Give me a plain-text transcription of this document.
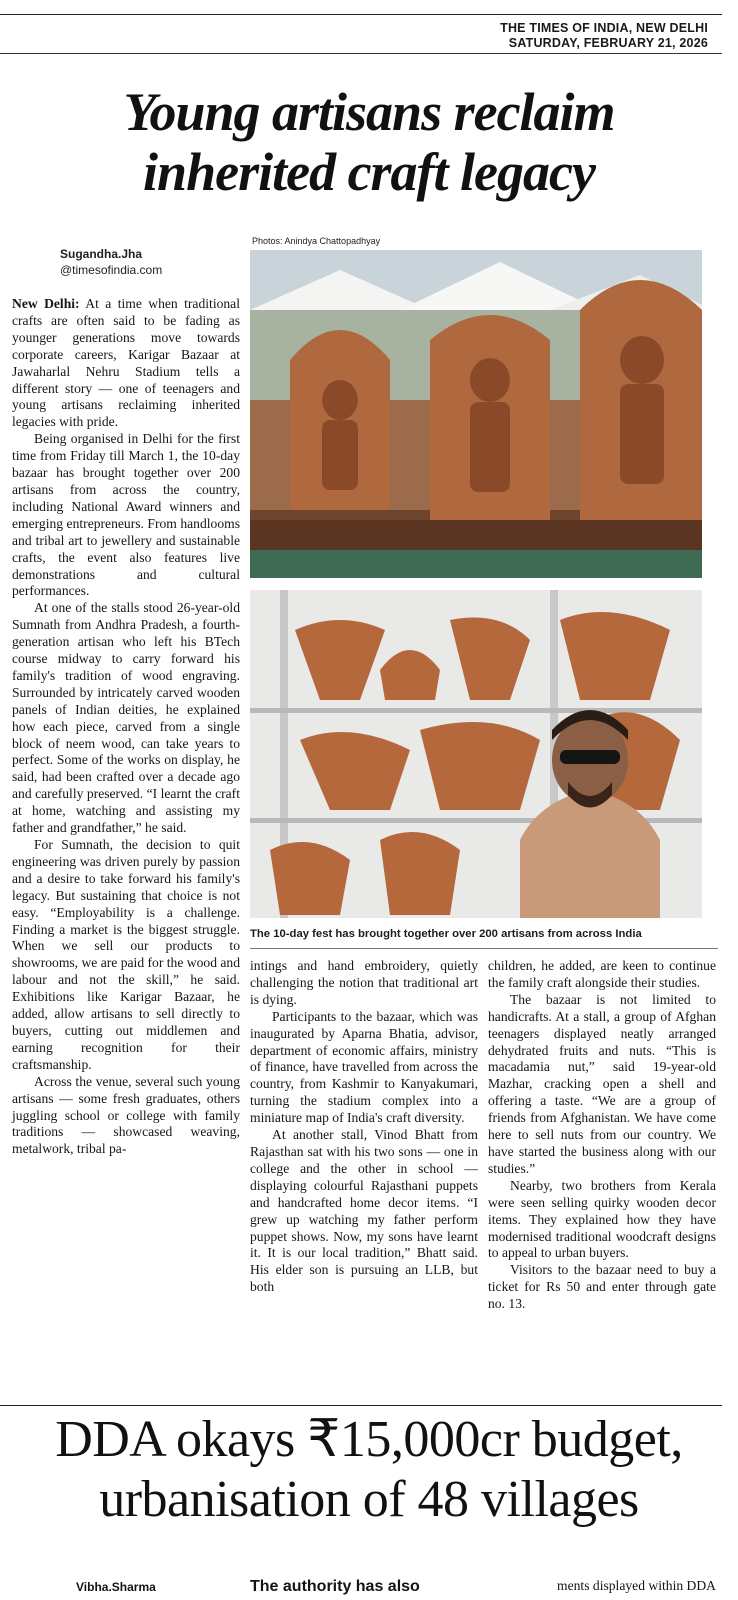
THE TIMES OF INDIA, NEW DELHI
SATURDAY, FEBRUARY 21, 2026
Young artisans reclaim
inherited craft legacy
Photos: Anindya Chattopadhyay
Sugandha.Jha
@timesofindia.com

New Delhi: At a time when traditional crafts are often said to be fading as younger generations move towards corporate careers, Karigar Bazaar at Jawaharlal Nehru Stadium tells a different story — one of teenagers and young artisans reclaiming inherited legacies with pride.

Being organised in Delhi for the first time from Friday till March 1, the 10-day bazaar has brought together over 200 artisans from across the country, including National Award winners and emerging entrepreneurs. From handlooms and tribal art to jewellery and sustainable crafts, the event also features live demonstrations and cultural performances.

At one of the stalls stood 26-year-old Sumnath from Andhra Pradesh, a fourth-generation artisan who left his BTech course midway to carry forward his family's tradition of wood engraving. Surrounded by intricately carved wooden panels of Indian deities, he explained how each piece, carved from a single block of neem wood, can take years to perfect. Some of the works on display, he said, had been crafted over a decade ago and carefully preserved. “I learnt the craft at home, watching and assisting my father and grandfather,” he said.

For Sumnath, the decision to quit engineering was driven purely by passion and a desire to take forward his family's legacy. But sustaining that choice is not easy. “Employability is a challenge. Finding a market is the biggest struggle. When we sell our products to showrooms, we are paid for the wood and labour and not the skill,” he said. Exhibitions like Karigar Bazaar, he added, allow artisans to sell directly to buyers, cutting out middlemen and earning recognition for their craftsmanship.

Across the venue, several such young artisans — some fresh graduates, others juggling school or college with family traditions — showcased weaving, metalwork, tribal pa-

The 10-day fest has brought together over 200 artisans from across India

intings and hand embroidery, quietly challenging the notion that traditional art is dying.

Participants to the bazaar, which was inaugurated by Aparna Bhatia, advisor, department of economic affairs, ministry of finance, have travelled from across the country, from Kashmir to Kanyakumari, turning the stadium complex into a miniature map of India's craft diversity.

At another stall, Vinod Bhatt from Rajasthan sat with his two sons — one in college and the other in school — displaying colourful Rajasthani puppets and handcrafted home decor items. “I grew up watching my father perform puppet shows. Now, my sons have learnt it. It is our local tradition,” Bhatt said. His elder son is pursuing an LLB, but both

children, he added, are keen to continue the family craft alongside their studies.

The bazaar is not limited to handicrafts. At a stall, a group of Afghan teenagers displayed neatly arranged dehydrated fruits and nuts. “This is macadamia nut,” said 19-year-old Mazhar, cracking open a shell and offering a taste. “We are a group of friends from Afghanistan. We have come here to sell nuts from our country. We have started the business along with our studies.”

Nearby, two brothers from Kerala were seen selling quirky wooden decor items. They explained how they have modernised traditional woodcraft designs to appeal to urban buyers.

Visitors to the bazaar need to buy a ticket for Rs 50 and enter through gate no. 13.

DDA okays ₹15,000cr budget,
urbanisation of 48 villages
Vibha.Sharma	The authority has also	ments displayed within DDA
